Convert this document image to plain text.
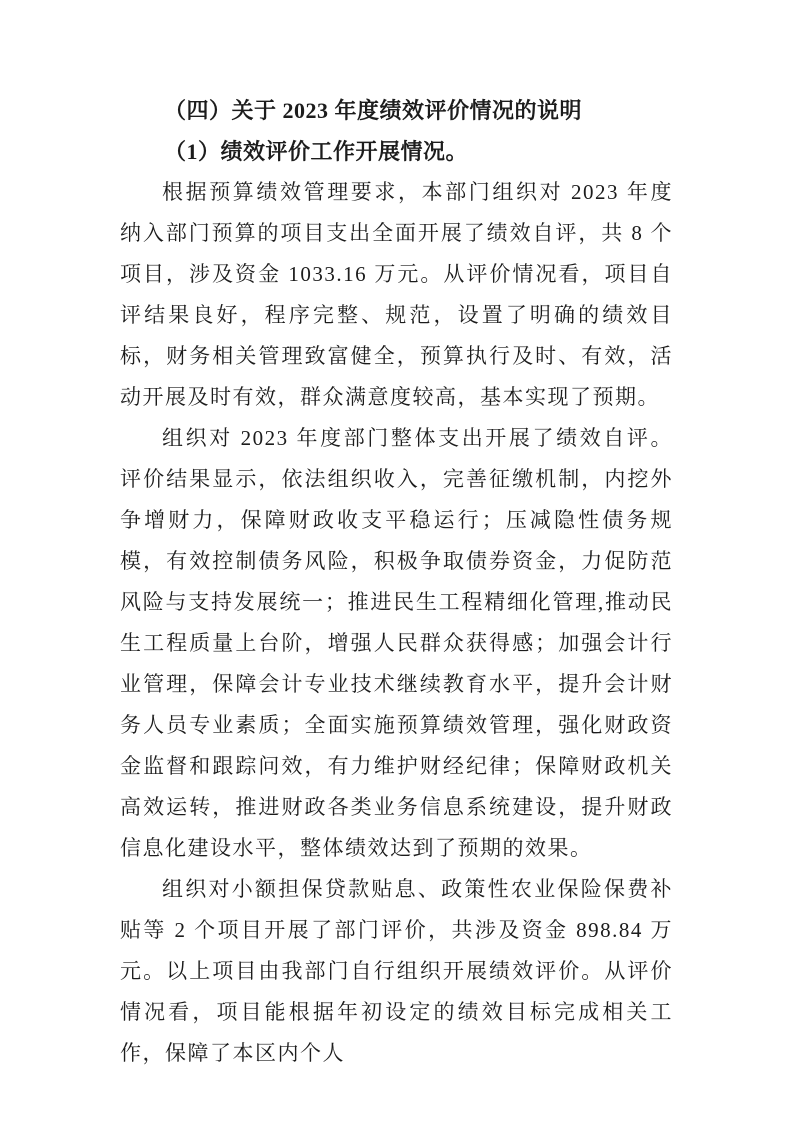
（四）关于 2023 年度绩效评价情况的说明
（1）绩效评价工作开展情况。

根据预算绩效管理要求，本部门组织对 2023 年度纳入部门预算的项目支出全面开展了绩效自评，共 8 个项目，涉及资金 1033.16 万元。从评价情况看，项目自评结果良好，程序完整、规范，设置了明确的绩效目标，财务相关管理致富健全，预算执行及时、有效，活动开展及时有效，群众满意度较高，基本实现了预期。

组织对 2023 年度部门整体支出开展了绩效自评。评价结果显示，依法组织收入，完善征缴机制，内挖外争增财力，保障财政收支平稳运行；压减隐性债务规模，有效控制债务风险，积极争取债券资金，力促防范风险与支持发展统一；推进民生工程精细化管理,推动民生工程质量上台阶，增强人民群众获得感；加强会计行业管理，保障会计专业技术继续教育水平，提升会计财务人员专业素质；全面实施预算绩效管理，强化财政资金监督和跟踪问效，有力维护财经纪律；保障财政机关高效运转，推进财政各类业务信息系统建设，提升财政信息化建设水平，整体绩效达到了预期的效果。

组织对小额担保贷款贴息、政策性农业保险保费补贴等 2 个项目开展了部门评价，共涉及资金 898.84 万元。以上项目由我部门自行组织开展绩效评价。从评价情况看，项目能根据年初设定的绩效目标完成相关工作，保障了本区内个人
